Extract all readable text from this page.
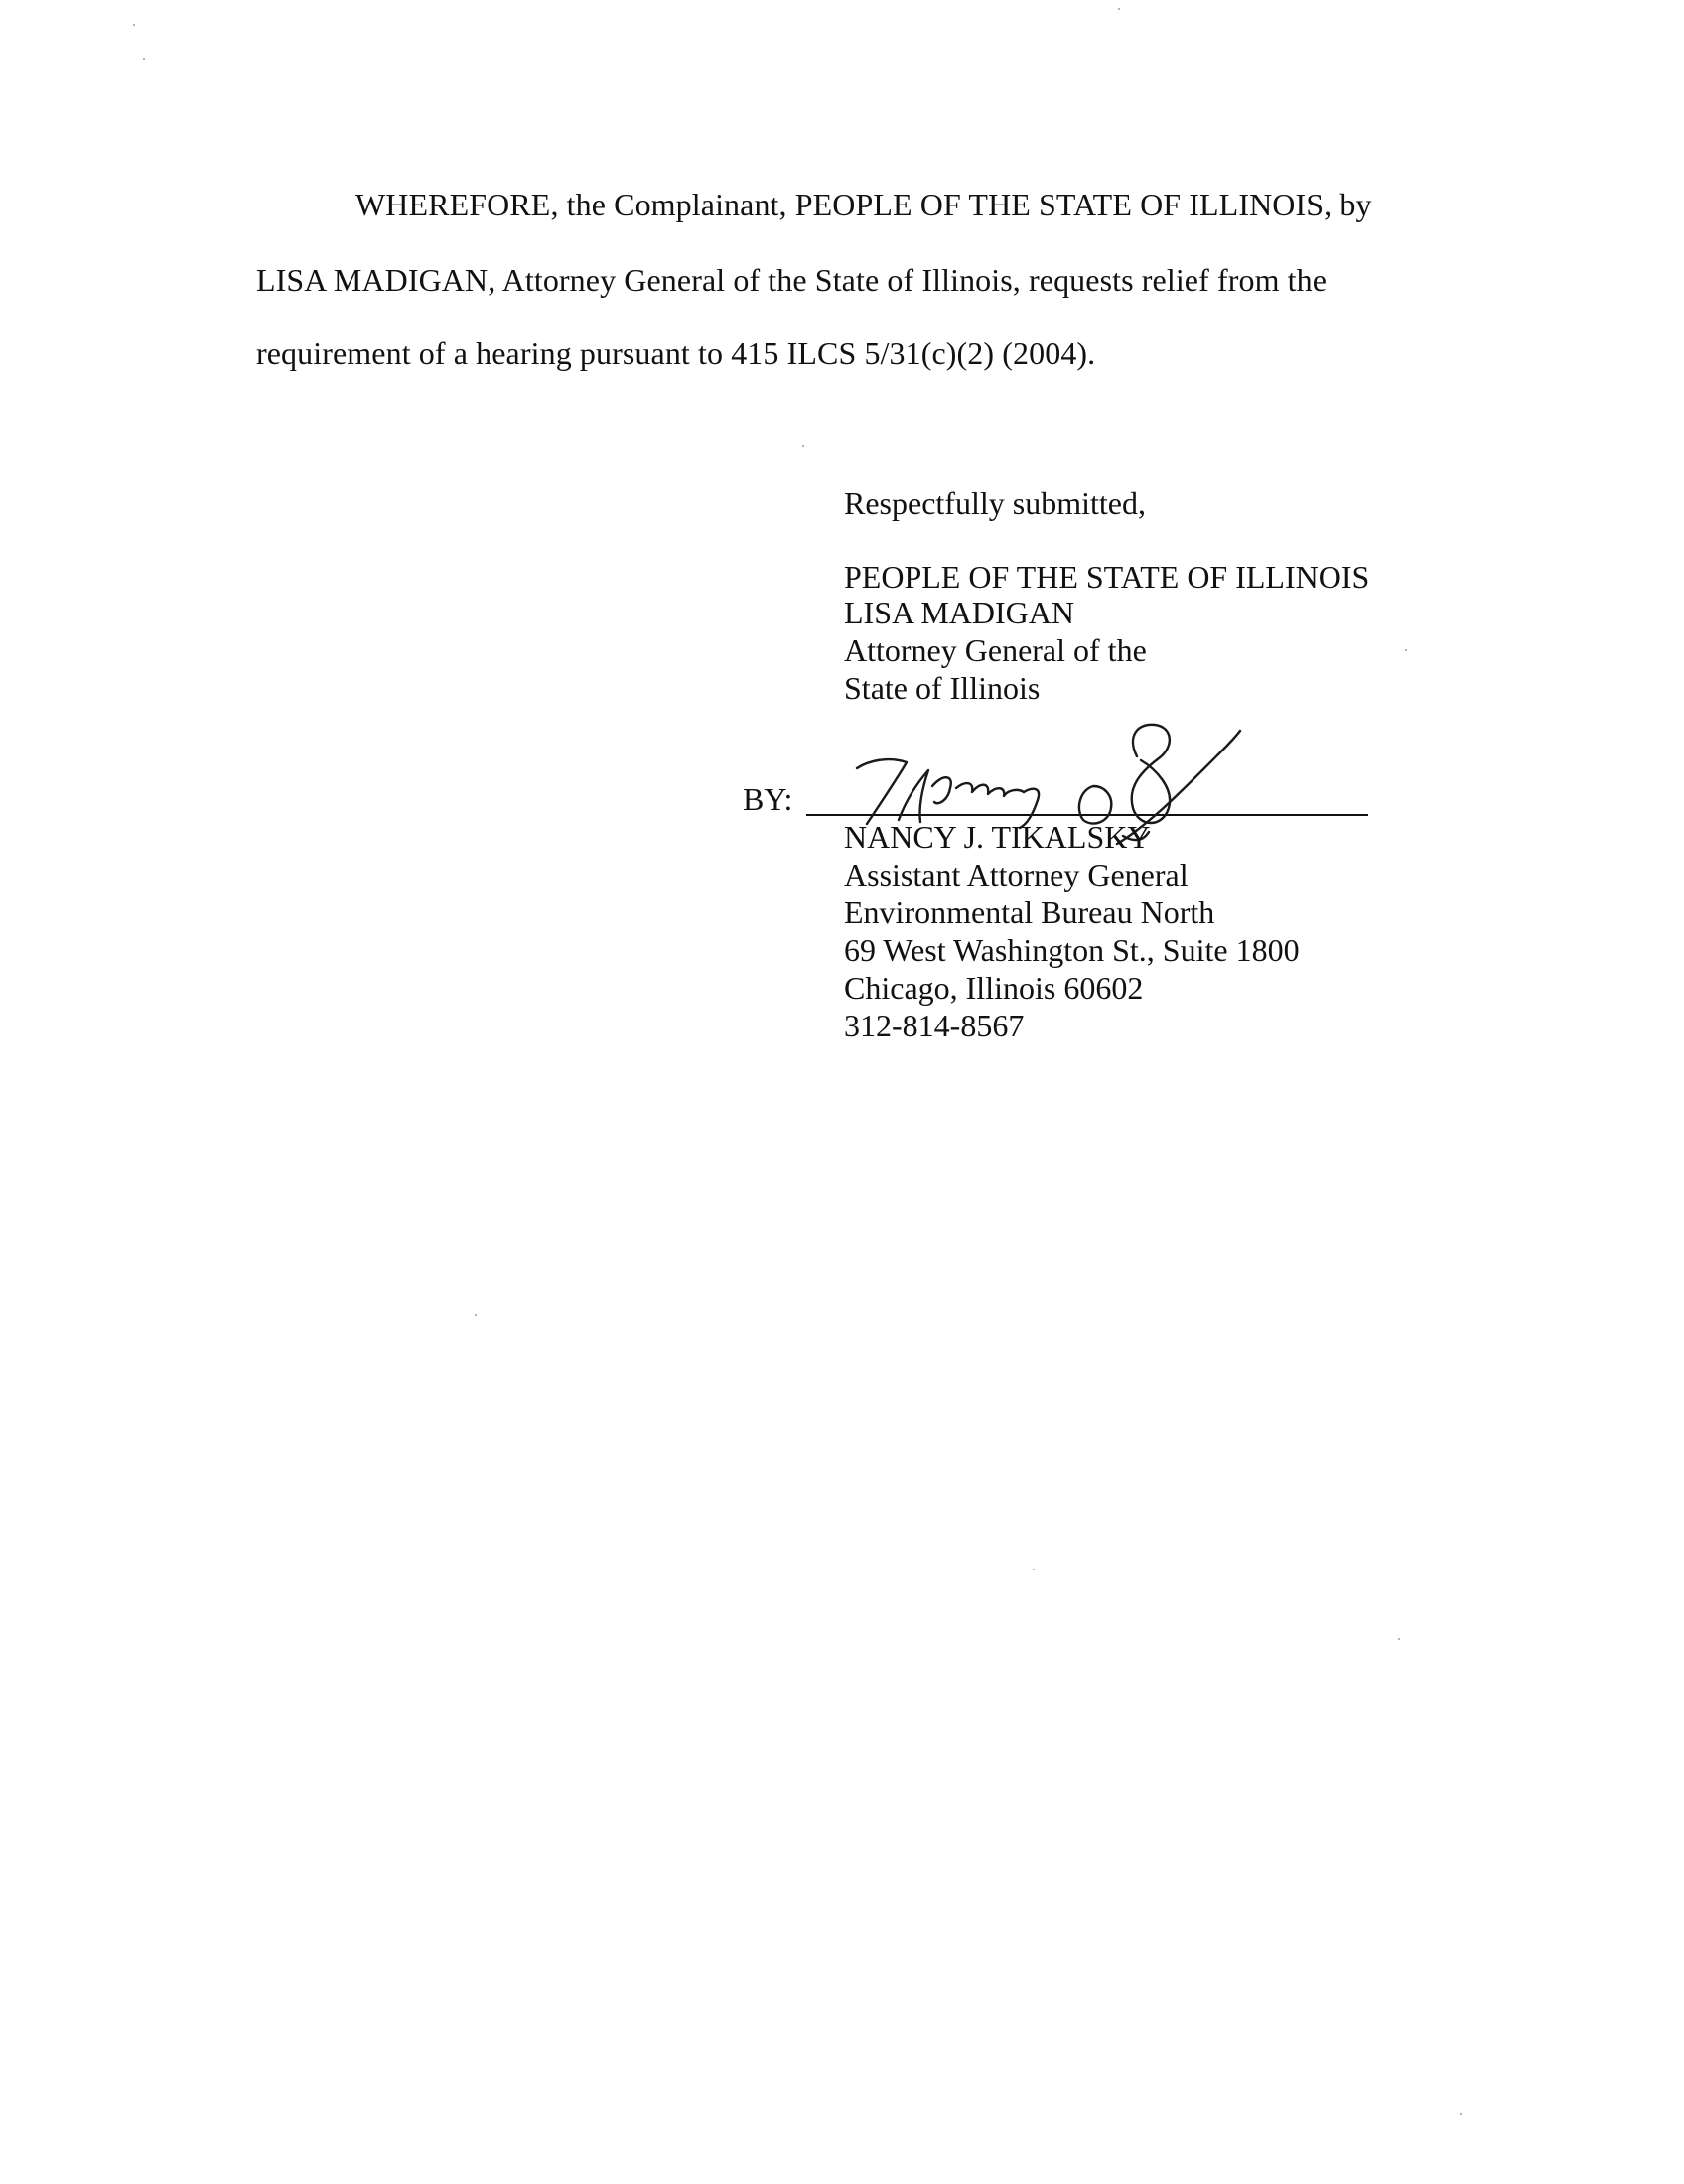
WHEREFORE, the Complainant, PEOPLE OF THE STATE OF ILLINOIS, by
LISA MADIGAN, Attorney General of the State of Illinois, requests relief from the
requirement of a hearing pursuant to 415 ILCS 5/31(c)(2) (2004).
Respectfully submitted,
PEOPLE OF THE STATE OF ILLINOIS
LISA MADIGAN
Attorney General of the
State of Illinois
BY:
NANCY J. TIKALSKY
Assistant Attorney General
Environmental Bureau North
69 West Washington St., Suite 1800
Chicago, Illinois 60602
312-814-8567
